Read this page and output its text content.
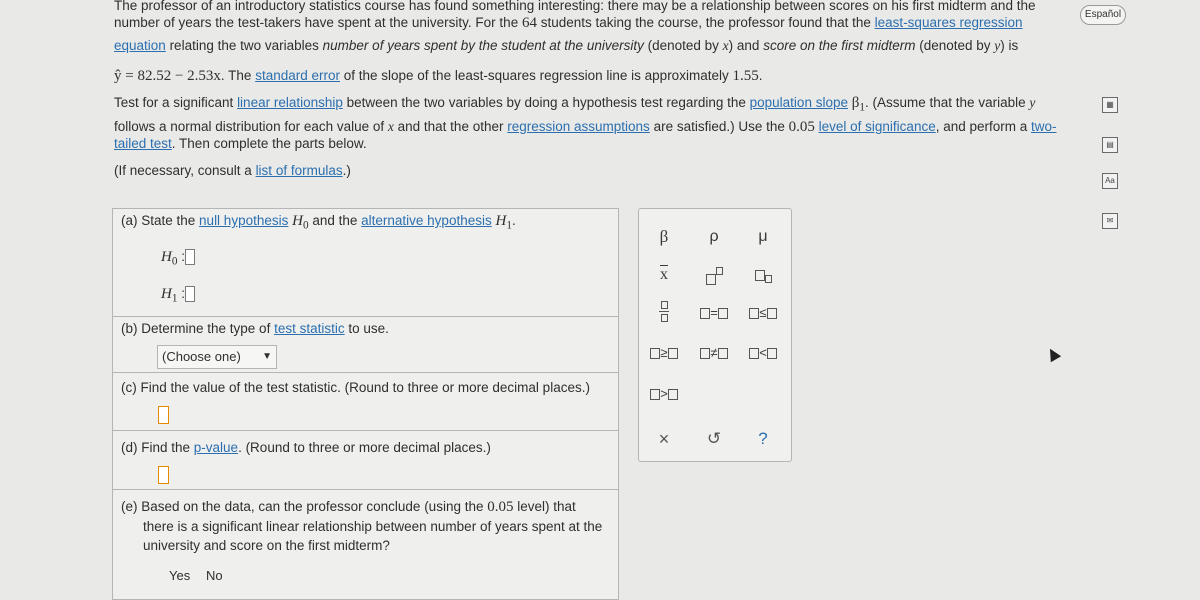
Español
The professor of an introductory statistics course has found something interesting: there may be a relationship between scores on his first midterm and the
number of years the test-takers have spent at the university. For the 64 students taking the course, the professor found that the least-squares regression
equation relating the two variables number of years spent by the student at the university (denoted by x) and score on the first midterm (denoted by y) is
ŷ = 82.52 − 2.53x. The standard error of the slope of the least-squares regression line is approximately 1.55.
Test for a significant linear relationship between the two variables by doing a hypothesis test regarding the population slope $\beta_1$. (Assume that the variable y
follows a normal distribution for each value of x and that the other regression assumptions are satisfied.) Use the 0.05 level of significance, and perform a two-
tailed test. Then complete the parts below.
(If necessary, consult a list of formulas.)
▦
▤
Aa
✉
(a) State the null hypothesis $H_0$ and the alternative hypothesis $H_1$.
$H_0$ :
$H_1$ :
(b) Determine the type of test statistic to use.
(c) Find the value of the test statistic. (Round to three or more decimal places.)
(d) Find the p-value. (Round to three or more decimal places.)
(e) Based on the data, can the professor conclude (using the 0.05 level) that
there is a significant linear relationship between number of years spent at the
university and score on the first midterm?
Yes No
(Choose one) ▼
β	ρ	μ
$\overline{x}$
=	≤
≥	≠	<
>
×	↺	?
